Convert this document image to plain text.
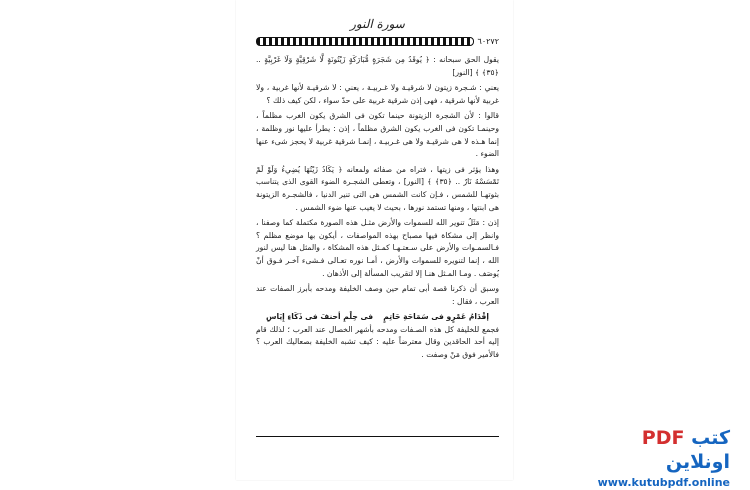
سورة النور
٦٠٢٧٢

يقول الحق سبحانه : ﴿ يُوقَدُ مِن شَجَرَةٍ مُّبَارَكَةٍ زَيْتُونَةٍ لَّا شَرْقِيَّةٍ وَلَا غَرْبِيَّةٍ .. ﴿٣٥﴾ ﴾ [النور]

يعني : شـجرة زيتون لا شرقيـة ولا غـربيـة ، يعني : لا شرقيـة لأنها غربية ، ولا غربية لأنها شرقية ، فهى إذن شرقية غربية على حدّ سواء ، لكن كيف ذلك ؟

قالوا : لأن الشجرة الزيتونة حينما تكون فى الشرق يكون الغرب مظلماً ، وحينمـا تكون فى الغرب يكون الشرق مظلماً ، إذن : يطرأ عليها نور وظلمة ، إنما هـذه لا هى شرقيـة ولا هى غـربيـة ، إنمـا شرقية غربية لا يحجز شىء عنها الضوء .

وهذا يؤثر فى زيتها ، فتراه من صفائه ولمعانه ﴿ يَكَادُ زَيْتُهَا يُضِيءُ وَلَوْ لَمْ تَمْسَسْهُ نَارٌ .. ﴿٣٥﴾ ﴾ [النور] ، وتعطى الشجـرة الضوء القوى الذى يتناسب بثوتهـا للشمس ، فـإن كانت الشمس هى التى تنير الدنيا ، فالشجـرة الزيتونة هى ابنتها ، ومنها تستمد نورها ، بحيث لا يغيب عنها ضوء الشمس .

إذن : مَثَلُ تنوير الله للسموات والأرض مثـل هذه الصورة مكتملة كما وصفنا ، وانظر إلى مشكاة فيها مصباح بهذه المواصفات ، أيكون بها موضع مظلم ؟ فـالسمـوات والأرض على سـعتـهـا كمـثل هذه المشكاة ، والمثل هنا ليس لنور الله ، إنما لتنويره للسموات والأرض ، أمـا نوره تعـالى فـشىء آخـر فـوق أنْ يُوصَف . ومـا المـثل هنـا إلا لتقريب المسألة إلى الأذهان .

وسبق أن ذكرنا قصة أبى تمام حين وصف الخليفة ومدحه بأبرز الصفات عند العرب ، فقال :

إقْدَامُ عَمْرٍو فى سَمَاحَةِ حَاتِمٍ
فى حِلْمِ أحنفَ فى ذَكَاءِ إِيَاسِ

فجمع للخليفة كل هذه الصـفات ومدحه بأشهر الخصال عند العرب ؛ لذلك قام إليه أحد الحاقدين وقال معترضاً عليه : كيف تشبه الخليفة بصعاليك العرب ؟ فالأمير فوق مَنْ وصفت .

كتب PDF اونلاين
www.kutubpdf.online
